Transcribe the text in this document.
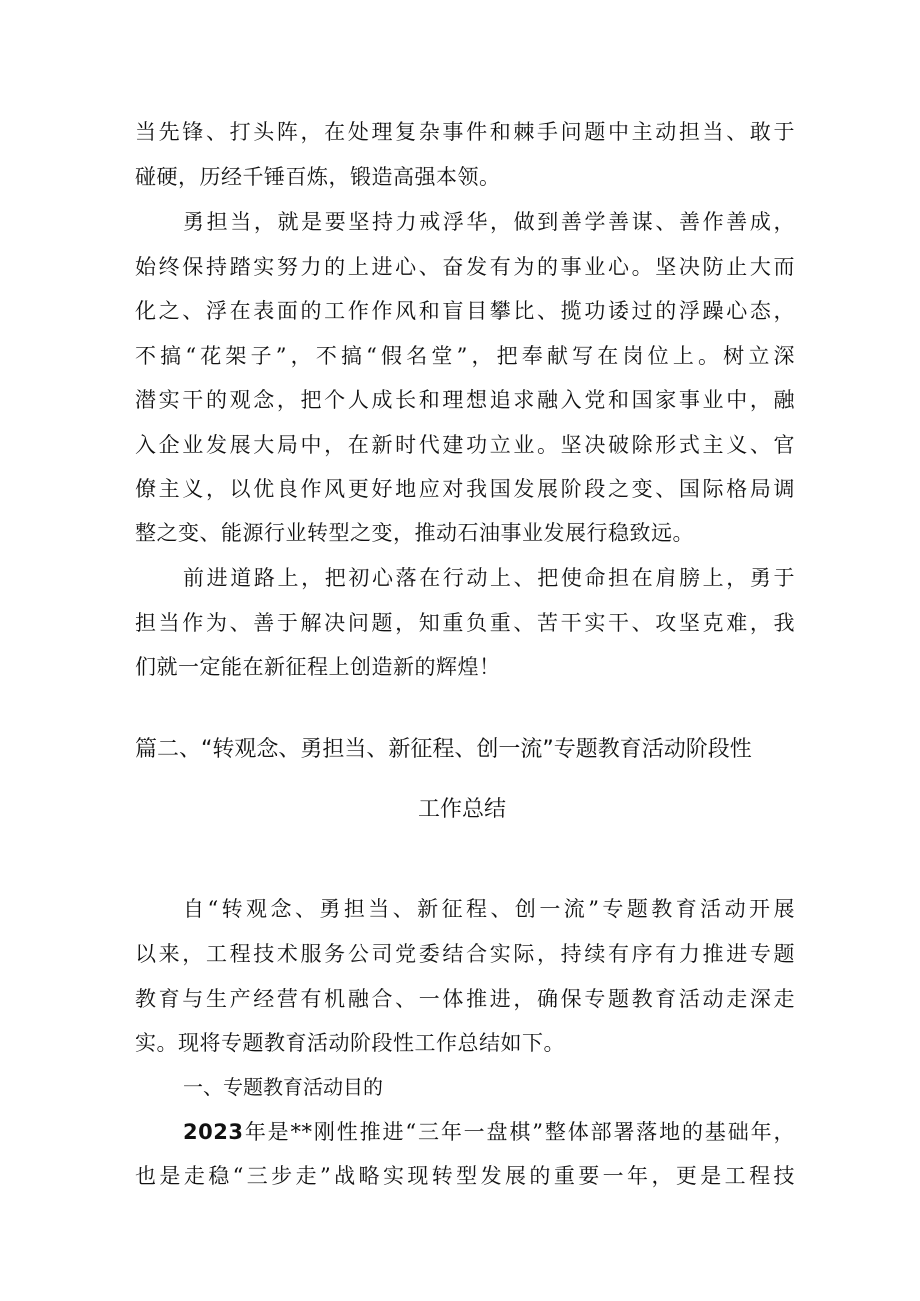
当先锋、打头阵，在处理复杂事件和棘手问题中主动担当、敢于
碰硬，历经千锤百炼，锻造高强本领。
勇担当，就是要坚持力戒浮华，做到善学善谋、善作善成，
始终保持踏实努力的上进心、奋发有为的事业心。坚决防止大而
化之、浮在表面的工作作风和盲目攀比、揽功诿过的浮躁心态，
不搞“花架子”，不搞“假名堂”，把奉献写在岗位上。树立深
潜实干的观念，把个人成长和理想追求融入党和国家事业中，融
入企业发展大局中，在新时代建功立业。坚决破除形式主义、官
僚主义，以优良作风更好地应对我国发展阶段之变、国际格局调
整之变、能源行业转型之变，推动石油事业发展行稳致远。
前进道路上，把初心落在行动上、把使命担在肩膀上，勇于
担当作为、善于解决问题，知重负重、苦干实干、攻坚克难，我
们就一定能在新征程上创造新的辉煌！
篇二、“转观念、勇担当、新征程、创一流”专题教育活动阶段性
工作总结
自“转观念、勇担当、新征程、创一流”专题教育活动开展
以来，工程技术服务公司党委结合实际，持续有序有力推进专题
教育与生产经营有机融合、一体推进，确保专题教育活动走深走
实。现将专题教育活动阶段性工作总结如下。
一、专题教育活动目的
2023年是**刚性推进“三年一盘棋”整体部署落地的基础年，
也是走稳“三步走”战略实现转型发展的重要一年，更是工程技
